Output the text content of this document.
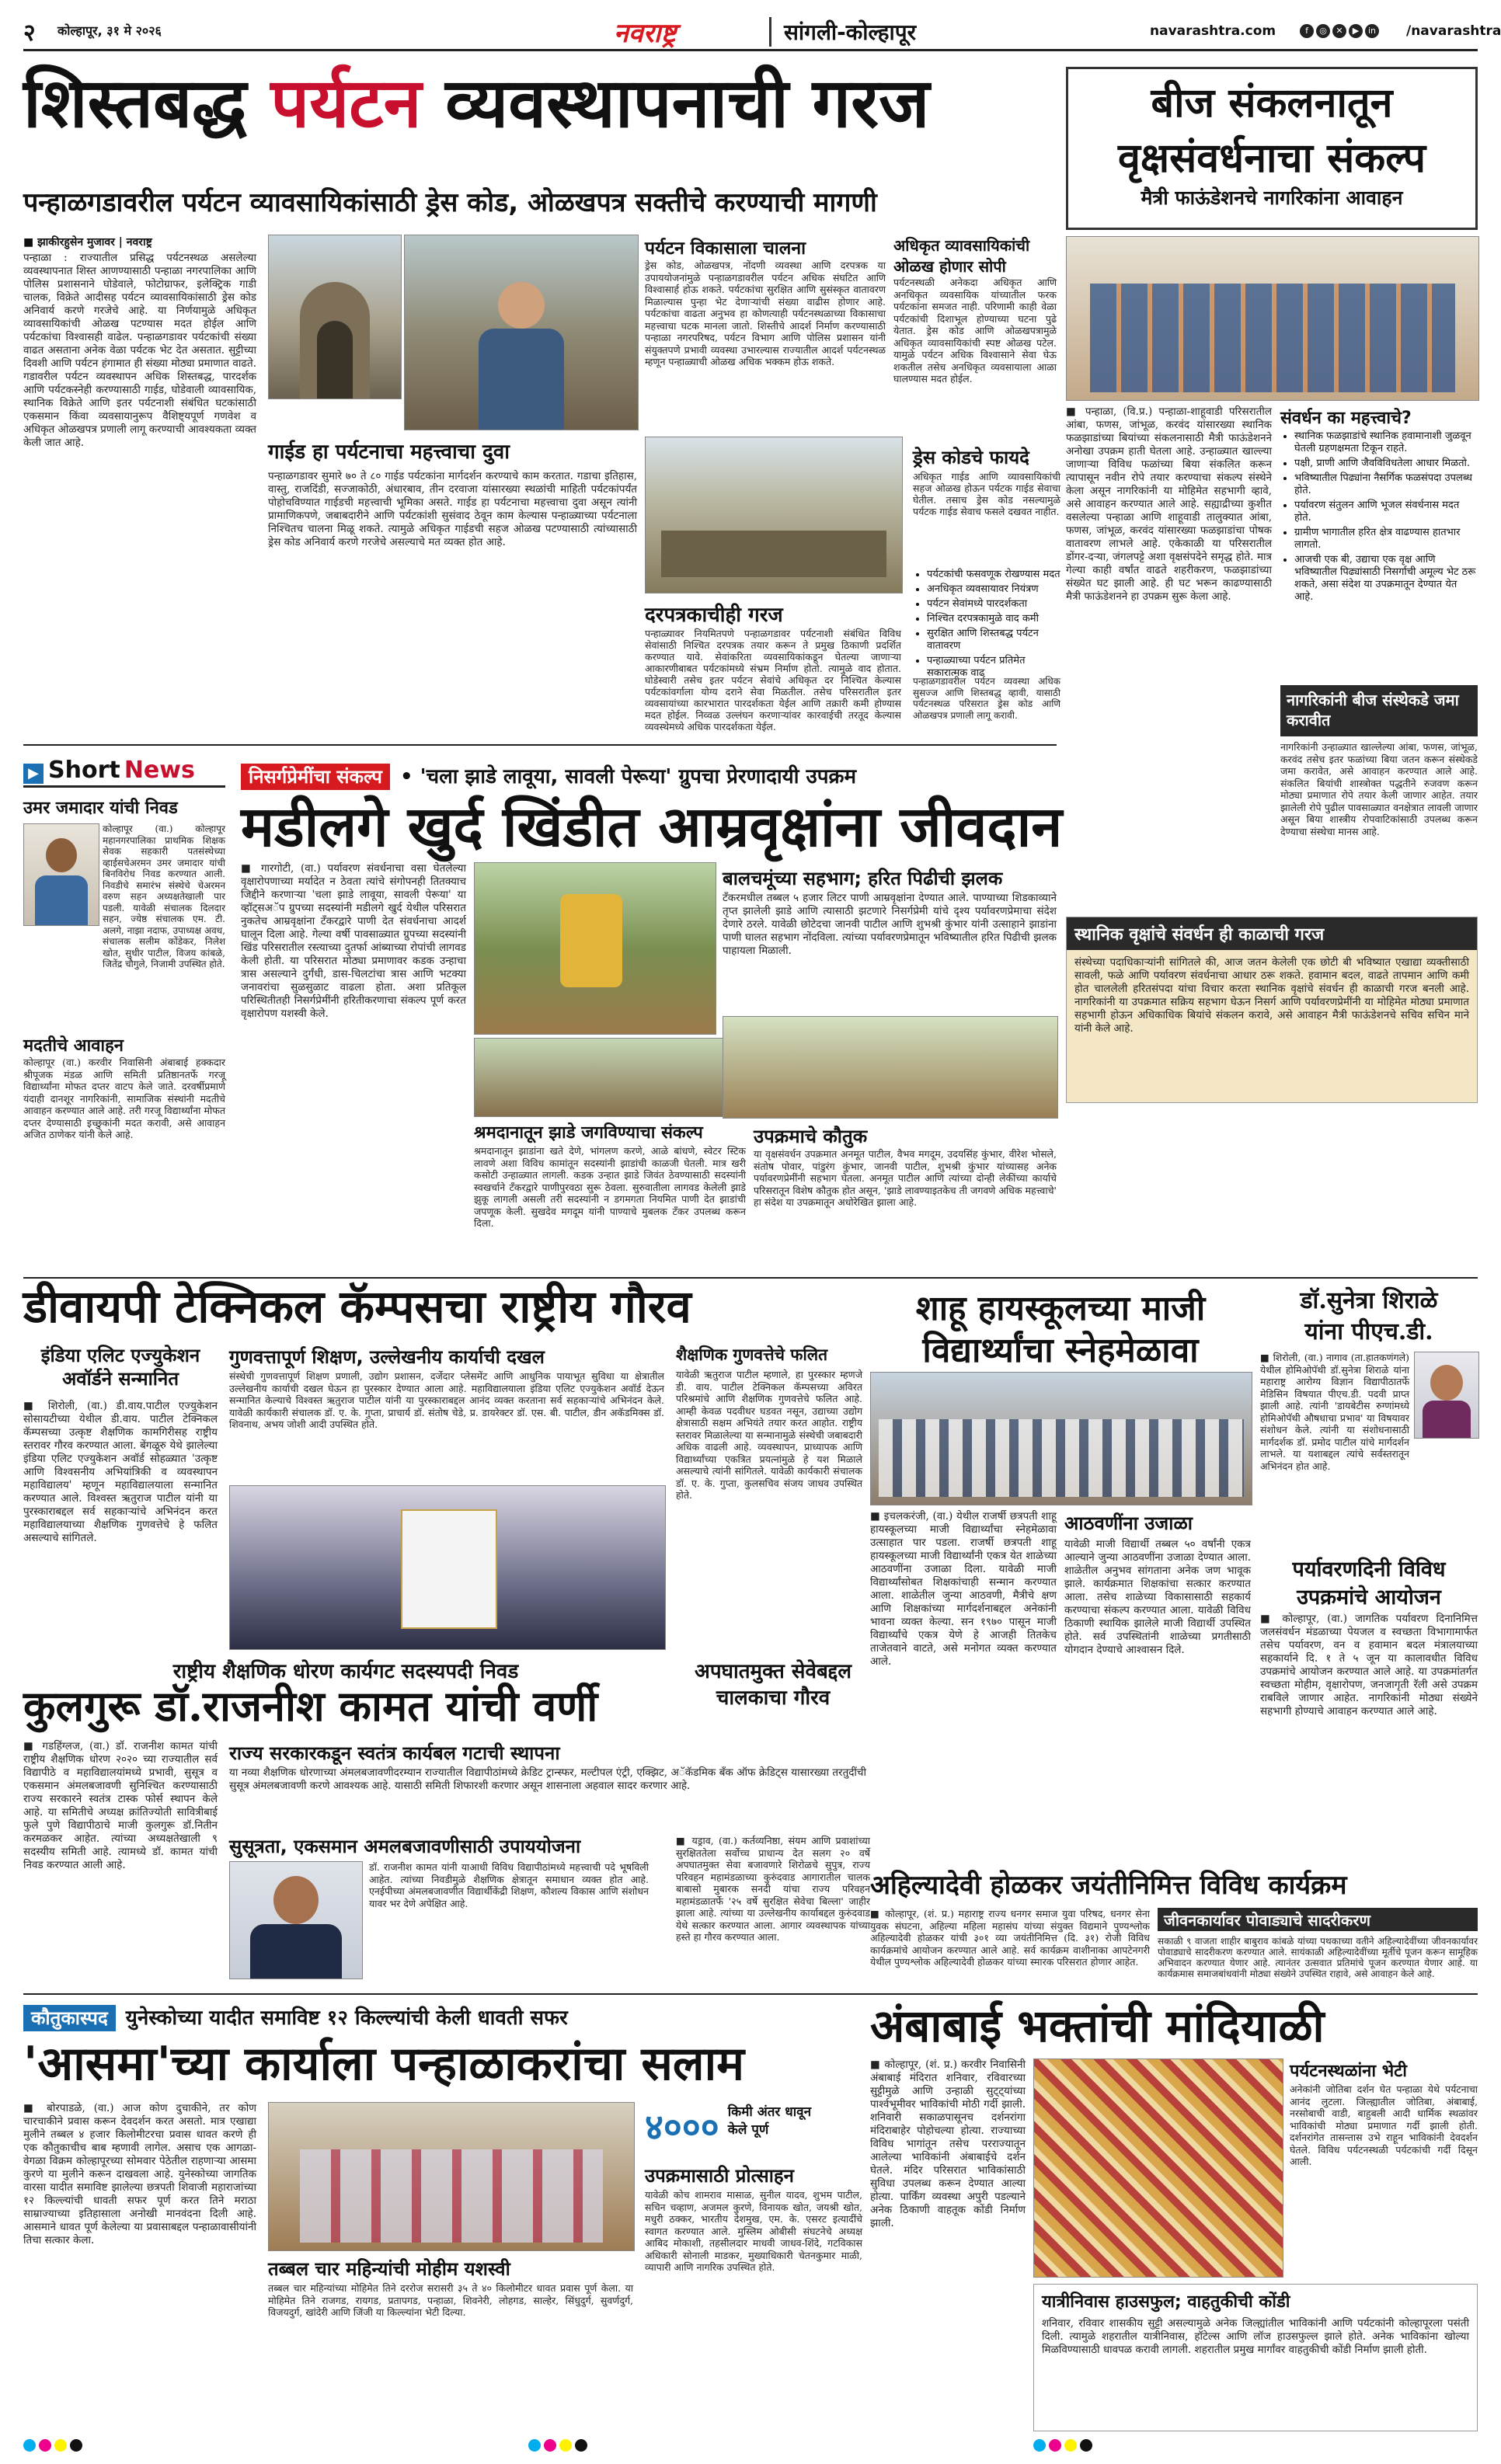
२ कोल्हापूर, ३१ मे २०२६	नवराष्ट्र	सांगली-कोल्हापूर	navarashtra.com	f ◎ ✕ ▶ in /navarashtra
शिस्तबद्ध पर्यटन व्यवस्थापनाची गरज
पन्हाळगडावरील पर्यटन व्यावसायिकांसाठी ड्रेस कोड, ओळखपत्र सक्तीचे करण्याची मागणी
■ झाकीरहुसेन मुजावर | नवराष्ट्र
पन्हाळा : राज्यातील प्रसिद्ध पर्यटनस्थळ असलेल्या व्यवस्थापनात शिस्त आणण्यासाठी पन्हाळा नगरपालिका आणि पोलिस प्रशासनाने घोडेवाले, फोटोग्राफर, इलेक्ट्रिक गाडी चालक, विक्रेते आदीसह पर्यटन व्यावसायिकांसाठी ड्रेस कोड अनिवार्य करणे गरजेचे आहे. या निर्णयामुळे अधिकृत व्यावसायिकांची ओळख पटण्यास मदत होईल आणि पर्यटकांचा विश्वासही वाढेल. पन्हाळगडावर पर्यटकांची संख्या वाढत असताना अनेक वेळा पर्यटक भेट देत असतात. सुट्टीच्या दिवशी आणि पर्यटन हंगामात ही संख्या मोठ्या प्रमाणात वाढते. गडावरील पर्यटन व्यवस्थापन अधिक शिस्तबद्ध, पारदर्शक आणि पर्यटकस्नेही करण्यासाठी गाईड, घोडेवाली व्यावसायिक, स्थानिक विक्रेते आणि इतर पर्यटनाशी संबंधित घटकांसाठी एकसमान किंवा व्यवसायानुरूप वैशिष्ट्यपूर्ण गणवेश व अधिकृत ओळखपत्र प्रणाली लागू करण्याची आवश्यकता व्यक्त केली जात आहे.	गाईड हा पर्यटनाचा महत्त्वाचा दुवा
पन्हाळगडावर सुमारे ७० ते ८० गाईड पर्यटकांना मार्गदर्शन करण्याचे काम करतात. गडाचा इतिहास, वास्तु, राजदिंडी, सज्जाकोठी, अंधारबाव, तीन दरवाजा यांसारख्या स्थळांची माहिती पर्यटकांपर्यंत पोहोचविण्यात गाईडची महत्त्वाची भूमिका असते. गाईड हा पर्यटनाचा महत्त्वाचा दुवा असून त्यांनी प्रामाणिकपणे, जबाबदारीने आणि पर्यटकांशी सुसंवाद ठेवून काम केल्यास पन्हाळ्याच्या पर्यटनाला निश्चितच चालना मिळू शकते. त्यामुळे अधिकृत गाईडची सहज ओळख पटण्यासाठी त्यांच्यासाठी ड्रेस कोड अनिवार्य करणे गरजेचे असल्याचे मत व्यक्त होत आहे.
पर्यटन विकासाला चालना
ड्रेस कोड, ओळखपत्र, नोंदणी व्यवस्था आणि दरपत्रक या उपाययोजनांमुळे पन्हाळगडावरील पर्यटन अधिक संघटित आणि विश्वासार्ह होऊ शकते. पर्यटकांचा सुरक्षित आणि सुसंस्कृत वातावरण मिळाल्यास पुन्हा भेट देणाऱ्यांची संख्या वाढीस होणार आहे. पर्यटकांचा वाढता अनुभव हा कोणत्याही पर्यटनस्थळाच्या विकासाचा महत्त्वाचा घटक मानला जातो. शिस्तीचे आदर्श निर्माण करण्यासाठी पन्हाळा नगरपरिषद, पर्यटन विभाग आणि पोलिस प्रशासन यांनी संयुक्तपणे प्रभावी व्यवस्था उभारल्यास राज्यातील आदर्श पर्यटनस्थळ म्हणून पन्हाळ्याची ओळख अधिक भक्कम होऊ शकते.
अधिकृत व्यावसायिकांची ओळख होणार सोपी
पर्यटनस्थळी अनेकदा अधिकृत आणि अनधिकृत व्यवसायिक यांच्यातील फरक पर्यटकांना समजत नाही. परिणामी काही वेळा पर्यटकांची दिशाभूल होण्याच्या घटना पुढे येतात. ड्रेस कोड आणि ओळखपत्रामुळे अधिकृत व्यावसायिकांची स्पष्ट ओळख पटेल. यामुळे पर्यटन अधिक विश्वासाने सेवा घेऊ शकतील तसेच अनधिकृत व्यवसायाला आळा घालण्यास मदत होईल.
ड्रेस कोडचे फायदे
अधिकृत गाईड आणि व्यावसायिकांची सहज ओळख होऊन पर्यटक गाईड सेवाचा घेतील. तसाच ड्रेस कोड नसल्यामुळे पर्यटक गाईड सेवाच फसले दखवत नाहीत.
• पर्यटकांची फसवणूक रोखण्यास मदत
• अनधिकृत व्यवसायावर नियंत्रण
• पर्यटन सेवांमध्ये पारदर्शकता
• निश्चित दरपत्रकामुळे वाद कमी
• सुरक्षित आणि शिस्तबद्ध पर्यटन वातावरण
• पन्हाळ्याच्या पर्यटन प्रतिमेत सकारात्मक वाढ
पन्हाळगडावरील पर्यटन व्यवस्था अधिक सुसज्ज आणि शिस्तबद्ध व्हावी, यासाठी पर्यटनस्थळ परिसरात ड्रेस कोड आणि ओळखपत्र प्रणाली लागू करावी.
दरपत्रकाचीही गरज
पन्हाळ्यावर नियमितपणे पन्हाळगडावर पर्यटनाशी संबंधित विविध सेवांसाठी निश्चित दरपत्रक तयार करून ते प्रमुख ठिकाणी प्रदर्शित करण्यात यावे. सेवांकरिता व्यवसायिकांकडून घेतल्या जाणाऱ्या आकारणीबाबत पर्यटकांमध्ये संभ्रम निर्माण होतो. त्यामुळे वाद होतात. घोडेस्वारी तसेच इतर पर्यटन सेवांचे अधिकृत दर निश्चित केल्यास पर्यटकांवर्गाला योग्य दराने सेवा मिळतील. तसेच परिसरातील इतर व्यवसायांच्या कारभारात पारदर्शकता येईल आणि तक्रारी कमी होण्यास मदत होईल. निव्वळ उल्लंघन करणाऱ्यांवर कारवाईची तरतूद केल्यास व्यवस्थेमध्ये अधिक पारदर्शकता येईल.
बीज संकलनातून
वृक्षसंवर्धनाचा संकल्प
मैत्री फाऊंडेशनचे नागरिकांना आवाहन
■ पन्हाळा, (वि.प्र.) पन्हाळा-शाहूवाडी परिसरातील आंबा, फणस, जांभूळ, करवंद यांसारख्या स्थानिक फळझाडांच्या बियांच्या संकलनासाठी मैत्री फाऊंडेशनने अनोखा उपक्रम हाती घेतला आहे. उन्हाळ्यात खाल्ल्या जाणाऱ्या विविध फळांच्या बिया संकलित करून त्यापासून नवीन रोपे तयार करण्याचा संकल्प संस्थेने केला असून नागरिकांनी या मोहिमेत सहभागी व्हावे, असे आवाहन करण्यात आले आहे. सह्याद्रीच्या कुशीत वसलेल्या पन्हाळा आणि शाहूवाडी तालुक्यात आंबा, फणस, जांभूळ, करवंद यांसारख्या फळझाडांचा पोषक वातावरण लाभले आहे. एकेकाळी या परिसरातील डोंगर-दऱ्या, जंगलपट्टे अशा वृक्षसंपदेने समृद्ध होते. मात्र गेल्या काही वर्षांत वाढते शहरीकरण, फळझाडांच्या संख्येत घट झाली आहे. ही घट भरून काढण्यासाठी मैत्री फाऊंडेशनने हा उपक्रम सुरू केला आहे.
संवर्धन का महत्त्वाचे?
• स्थानिक फळझाडांचे स्थानिक हवामानाशी जुळवून घेतली ग्रहणक्षमता टिकून राहते.
• पक्षी, प्राणी आणि जैवविविधतेला आधार मिळतो.
• भविष्यातील पिढ्यांना नैसर्गिक फळसंपदा उपलब्ध होते.
• पर्यावरण संतुलन आणि भूजल संवर्धनास मदत होते.
• ग्रामीण भागातील हरित क्षेत्र वाढण्यास हातभार लागतो.
• आजची एक बी, उद्याचा एक वृक्ष आणि भविष्यातील पिढ्यांसाठी निसर्गाची अमूल्य भेट ठरू शकते, असा संदेश या उपक्रमातून देण्यात येत आहे.
नागरिकांनी बीज संस्थेकडे जमा करावीत
नागरिकांनी उन्हाळ्यात खाल्लेल्या आंबा, फणस, जांभूळ, करवंद तसेच इतर फळांच्या बिया जतन करून संस्थेकडे जमा करावेत, असे आवाहन करण्यात आले आहे. संकलित बियांची शास्त्रोक्त पद्धतीने रुजवण करून मोठ्या प्रमाणात रोपे तयार केली जाणार आहेत. तयार झालेली रोपे पुढील पावसाळ्यात वनक्षेत्रात लावली जाणार असून बिया शास्त्रीय रोपवाटिकांसाठी उपलब्ध करून देण्याचा संस्थेचा मानस आहे.
स्थानिक वृक्षांचे संवर्धन ही काळाची गरज
संस्थेच्या पदाधिकाऱ्यांनी सांगितले की, आज जतन केलेली एक छोटी बी भविष्यात एखाद्या व्यक्तीसाठी सावली, फळे आणि पर्यावरण संवर्धनाचा आधार ठरू शकते. हवामान बदल, वाढते तापमान आणि कमी होत चाललेली हरितसंपदा यांचा विचार करता स्थानिक वृक्षांचे संवर्धन ही काळाची गरज बनली आहे. नागरिकांनी या उपक्रमात सक्रिय सहभाग घेऊन निसर्ग आणि पर्यावरणप्रेमींनी या मोहिमेत मोठ्या प्रमाणात सहभागी होऊन अधिकाधिक बियांचे संकलन करावे, असे आवाहन मैत्री फाऊंडेशनचे सचिव सचिन माने यांनी केले आहे.
▶ Short News
उमर जमादार यांची निवड
कोल्हापूर (वा.) कोल्हापूर महानगरपालिका प्राथमिक शिक्षक सेवक सहकारी पतसंस्थेच्या व्हाईसचेअरमन उमर जमादार यांची बिनविरोध निवड करण्यात आली. निवडीचे समारंभ संस्थेचे चेअरमन वरुण सहन अध्यक्षतेखाली पार पडली. यावेळी संचालक दिलदार सहन, ज्येष्ठ संचालक एम. टी. अलगे, नाझा नदाफ, उपाध्यक्ष अवध, संचालक सलीम कोंडेकर, निलेश खोत, सुधीर पाटील, विजय कांबळे, जितेंद्र चौगुले, निजामी उपस्थित होते.
मदतीचे आवाहन
कोल्हापूर (वा.) करवीर निवासिनी अंबाबाई हक्कदार श्रीपूजक मंडळ आणि समिती प्रतिष्ठानतर्फे गरजू विद्यार्थ्यांना मोफत दप्तर वाटप केले जाते. दरवर्षीप्रमाणे यंदाही दानशूर नागरिकांनी, सामाजिक संस्थांनी मदतीचे आवाहन करण्यात आले आहे. तरी गरजू विद्यार्थ्यांना मोफत दप्तर देण्यासाठी इच्छुकांनी मदत करावी, असे आवाहन अजित ठाणेकर यांनी केले आहे.
निसर्गप्रेमींचा संकल्प • 'चला झाडे लावूया, सावली पेरूया' ग्रुपचा प्रेरणादायी उपक्रम
मडीलगे खुर्द खिंडीत आम्रवृक्षांना जीवदान
■ गारगोटी, (वा.) पर्यावरण संवर्धनाचा वसा घेतलेल्या वृक्षारोपणाच्या मर्यादेत न ठेवता त्यांचे संगोपनही तितक्याच जिद्दीने करणाऱ्या 'चला झाडे लावूया, सावली पेरूया' या व्हॉट्सअॅप ग्रुपच्या सदस्यांनी मडीलगे खुर्द येथील परिसरात नुकतेच आम्रवृक्षांना टँकरद्वारे पाणी देत संवर्धनाचा आदर्श घालून दिला आहे. गेल्या वर्षी पावसाळ्यात ग्रुपच्या सदस्यांनी खिंड परिसरातील रस्त्याच्या दुतर्फा आंब्याच्या रोपांची लागवड केली होती. या परिसरात मोठ्या प्रमाणावर कडक उन्हाचा त्रास असल्याने दुर्गंधी, डास-चिलटांचा त्रास आणि भटक्या जनावरांचा सुळसुळाट वाढला होता. अशा प्रतिकूल परिस्थितीतही निसर्गप्रेमींनी हरितीकरणाचा संकल्प पूर्ण करत वृक्षारोपण यशस्वी केले.
बालचमूंच्या सहभाग; हरित पिढीची झलक
टँकरमधील तब्बल ५ हजार लिटर पाणी आम्रवृक्षांना देण्यात आले. पाण्याच्या शिडकाव्याने तृप्त झालेली झाडे आणि त्यासाठी झटणारे निसर्गप्रेमी यांचे दृश्य पर्यावरणप्रेमाचा संदेश देणारे ठरले. यावेळी छोटेदचा जानवी पाटील आणि शुभश्री कुंभार यांनी उत्साहाने झाडांना पाणी घालत सहभाग नोंदविला. त्यांच्या पर्यावरणप्रेमातून भविष्यातील हरित पिढीची झलक पाहायला मिळाली.
श्रमदानातून झाडे जगविण्याचा संकल्प
श्रमदानातून झाडांना खते देणे, भांगलण करणे, आळे बांधणे, स्वेटर स्टिक लावणे अशा विविध कामांतून सदस्यांनी झाडांची काळजी घेतली. मात्र खरी कसोटी उन्हाळ्यात लागली. कडक उन्हात झाडे जिवंत ठेवण्यासाठी सदस्यांनी स्वखर्चाने टँकरद्वारे पाणीपुरवठा सुरू ठेवला. सुरुवातीला लागवड केलेली झाडे झुकू लागली असली तरी सदस्यांनी न डगमगता नियमित पाणी देत झाडांची जपणूक केली. सुखदेव मगदूम यांनी पाण्याचे मुबलक टँकर उपलब्ध करून दिला.
उपक्रमाचे कौतुक
या वृक्षसंवर्धन उपक्रमात अनमूत पाटील, वैभव मगदूम, उदयसिंह कुंभार, वीरेश भोसले, संतोष पोवार, पांडुरंग कुंभार, जानवी पाटील, शुभश्री कुंभार यांच्यासह अनेक पर्यावरणप्रेमींनी सहभाग घेतला. अनमूत पाटील आणि त्यांच्या दोन्ही लेकींच्या कार्याचे परिसरातून विशेष कौतुक होत असून, 'झाडे लावण्याइतकेच ती जगवणे अधिक महत्त्वाचे' हा संदेश या उपक्रमातून अधोरेखित झाला आहे.
डीवायपी टेक्निकल कॅम्पसचा राष्ट्रीय गौरव
इंडिया एलिट एज्युकेशन अवॉर्डने सन्मानित
■ शिरोली, (वा.) डी.वाय.पाटील एज्युकेशन सोसायटीच्या येथील डी.वाय. पाटील टेक्निकल कॅम्पसच्या उत्कृष्ट शैक्षणिक कामगिरीसह राष्ट्रीय स्तरावर गौरव करण्यात आला. बेंगळूरु येथे झालेल्या इंडिया एलिट एज्युकेशन अवॉर्ड सोहळ्यात 'उत्कृष्ट आणि विश्वसनीय अभियांत्रिकी व व्यवस्थापन महाविद्यालय' म्हणून महाविद्यालयाला सन्मानित करण्यात आले. विश्वस्त ऋतुराज पाटील यांनी या पुरस्काराबद्दल सर्व सहकाऱ्यांचे अभिनंदन करत महाविद्यालयाच्या शैक्षणिक गुणवत्तेचे हे फलित असल्याचे सांगितले.
गुणवत्तापूर्ण शिक्षण, उल्लेखनीय कार्याची दखल
संस्थेची गुणवत्तापूर्ण शिक्षण प्रणाली, उद्योग प्रशासन, दर्जेदार प्लेसमेंट आणि आधुनिक पायाभूत सुविधा या क्षेत्रातील उल्लेखनीय कार्याची दखल घेऊन हा पुरस्कार देण्यात आला आहे. महाविद्यालयाला इंडिया एलिट एज्युकेशन अवॉर्ड देऊन सन्मानित केल्याचे विश्वस्त ऋतुराज पाटील यांनी या पुरस्काराबद्दल आनंद व्यक्त करताना सर्व सहकाऱ्यांचे अभिनंदन केले. यावेळी कार्यकारी संचालक डॉ. ए. के. गुप्ता, प्राचार्य डॉ. संतोष चेडे, प्र. डायरेक्टर डॉ. एस. बी. पाटील, डीन अकॅडमिक्स डॉ. शिवनाथ, अभय जोशी आदी उपस्थित होते.
शैक्षणिक गुणवत्तेचे फलित
यावेळी ऋतुराज पाटील म्हणाले, हा पुरस्कार म्हणजे डी. वाय. पाटील टेक्निकल कॅम्पसच्या अविरत परिश्रमांचे आणि शैक्षणिक गुणवत्तेचे फलित आहे. आम्ही केवळ पदवीधर घडवत नसून, उद्याच्या उद्योग क्षेत्रासाठी सक्षम अभियंते तयार करत आहोत. राष्ट्रीय स्तरावर मिळालेल्या या सन्मानामुळे संस्थेची जबाबदारी अधिक वाढली आहे. व्यवस्थापन, प्राध्यापक आणि विद्यार्थ्यांच्या एकत्रित प्रयत्नांमुळे हे यश मिळाले असल्याचे त्यांनी सांगितले. यावेळी कार्यकारी संचालक डॉ. ए. के. गुप्ता, कुलसचिव संजय जाधव उपस्थित होते.
शाहू हायस्कूलच्या माजी
विद्यार्थ्यांचा स्नेहमेळावा
■ इचलकरंजी, (वा.) येथील राजर्षी छत्रपती शाहू हायस्कूलच्या माजी विद्यार्थ्यांचा स्नेहमेळावा उत्साहात पार पडला. राजर्षी छत्रपती शाहू हायस्कूलच्या माजी विद्यार्थ्यांनी एकत्र येत शाळेच्या आठवणींना उजाळा दिला. यावेळी माजी विद्यार्थ्यांसोबत शिक्षकांचाही सन्मान करण्यात आला. शाळेतील जुन्या आठवणी, मैत्रीचे क्षण आणि शिक्षकांच्या मार्गदर्शनाबद्दल अनेकांनी भावना व्यक्त केल्या. सन १९७० पासून माजी विद्यार्थ्यांचे एकत्र येणे हे आजही तितकेच ताजेतवाने वाटते, असे मनोगत व्यक्त करण्यात आले.
आठवणींना उजाळा
यावेळी माजी विद्यार्थी तब्बल ५० वर्षांनी एकत्र आल्याने जुन्या आठवणींना उजाळा देण्यात आला. शाळेतील अनुभव सांगताना अनेक जण भावूक झाले. कार्यक्रमात शिक्षकांचा सत्कार करण्यात आला. तसेच शाळेच्या विकासासाठी सहकार्य करण्याचा संकल्प करण्यात आला. यावेळी विविध ठिकाणी स्थायिक झालेले माजी विद्यार्थी उपस्थित होते. सर्व उपस्थितांनी शाळेच्या प्रगतीसाठी योगदान देण्याचे आश्वासन दिले.
डॉ.सुनेत्रा शिराळे
यांना पीएच.डी.
■ शिरोली, (वा.) नागाव (ता.हातकणंगले) येथील होमिओपॅथी डॉ.सुनेत्रा शिराळे यांना महाराष्ट्र आरोग्य विज्ञान विद्यापीठातर्फे मेडिसिन विषयात पीएच.डी. पदवी प्राप्त झाली आहे. त्यांनी 'डायबेटीस रुग्णांमध्ये होमिओपॅथी औषधाचा प्रभाव' या विषयावर संशोधन केले. त्यांनी या संशोधनासाठी मार्गदर्शक डॉ. प्रमोद पाटील यांचे मार्गदर्शन लाभले. या यशाबद्दल त्यांचे सर्वस्तरातून अभिनंदन होत आहे.
पर्यावरणदिनी विविध
उपक्रमांचे आयोजन
■ कोल्हापूर, (वा.) जागतिक पर्यावरण दिनानिमित्त जलसंवर्धन मंडळाच्या पेयजल व स्वच्छता विभागामार्फत तसेच पर्यावरण, वन व हवामान बदल मंत्रालयाच्या सहकार्याने दि. १ ते ५ जून या कालावधीत विविध उपक्रमांचे आयोजन करण्यात आले आहे. या उपक्रमांतर्गत स्वच्छता मोहीम, वृक्षारोपण, जनजागृती रॅली असे उपक्रम राबविले जाणार आहेत. नागरिकांनी मोठ्या संख्येने सहभागी होण्याचे आवाहन करण्यात आले आहे.
राष्ट्रीय शैक्षणिक धोरण कार्यगट सदस्यपदी निवड
कुलगुरू डॉ.राजनीश कामत यांची वर्णी
■ गडहिंग्लज, (वा.) डॉ. राजनीश कामत यांची राष्ट्रीय शैक्षणिक धोरण २०२० च्या राज्यातील सर्व विद्यापीठे व महाविद्यालयांमध्ये प्रभावी, सुसूत्र व एकसमान अंमलबजावणी सुनिश्चित करण्यासाठी राज्य सरकारने स्वतंत्र टास्क फोर्स स्थापन केले आहे. या समितीचे अध्यक्ष क्रांतिज्योती सावित्रीबाई फुले पुणे विद्यापीठाचे माजी कुलगुरू डॉ.नितीन करमळकर आहेत. त्यांच्या अध्यक्षतेखाली ९ सदस्यीय समिती आहे. त्यामध्ये डॉ. कामत यांची निवड करण्यात आली आहे.
राज्य सरकारकडून स्वतंत्र कार्यबल गटाची स्थापना
या नव्या शैक्षणिक धोरणाच्या अंमलबजावणीदरम्यान राज्यातील विद्यापीठांमध्ये क्रेडिट ट्रान्स्फर, मल्टीपल एंट्री, एक्झिट, अॅकॅडमिक बँक ऑफ क्रेडिट्स यासारख्या तरतुदींची सुसूत्र अंमलबजावणी करणे आवश्यक आहे. यासाठी समिती शिफारशी करणार असून शासनाला अहवाल सादर करणार आहे.
सुसूत्रता, एकसमान अमलबजावणीसाठी उपाययोजना
डॉ. राजनीश कामत यांनी याआधी विविध विद्यापीठांमध्ये महत्त्वाची पदे भूषविली आहेत. त्यांच्या निवडीमुळे शैक्षणिक क्षेत्रातून समाधान व्यक्त होत आहे. एनईपीच्या अंमलबजावणीत विद्यार्थीकेंद्री शिक्षण, कौशल्य विकास आणि संशोधन यावर भर देणे अपेक्षित आहे.
अपघातमुक्त सेवेबद्दल
चालकाचा गौरव
■ यड्राव, (वा.) कर्तव्यनिष्ठा, संयम आणि प्रवाशांच्या सुरक्षिततेला सर्वोच्च प्राधान्य देत सलग २० वर्षे अपघातमुक्त सेवा बजावणारे शिरोळचे सुपुत्र, राज्य परिवहन महामंडळाच्या कुरुंदवाड आगारातील चालक बाबासो मुबारक सनदी यांचा राज्य परिवहन महामंडळातर्फे '२५ वर्षे सुरक्षित सेवेचा बिल्ला' जाहीर झाला आहे. त्यांच्या या उल्लेखनीय कार्याबद्दल कुरुंदवाड येथे सत्कार करण्यात आला. आगार व्यवस्थापक यांच्या हस्ते हा गौरव करण्यात आला.
अहिल्यादेवी होळकर जयंतीनिमित्त विविध कार्यक्रम
■ कोल्हापूर, (शं. प्र.) महाराष्ट्र राज्य धनगर समाज युवा परिषद, धनगर सेना युवक संघटना, अहिल्या महिला महासंघ यांच्या संयुक्त विद्यमाने पुण्यश्लोक अहिल्यादेवी होळकर यांची ३०१ व्या जयंतीनिमित्त (दि. ३१) रोजी विविध कार्यक्रमांचे आयोजन करण्यात आले आहे. सर्व कार्यक्रम वाशीनाका आपटेनगरी येथील पुण्यश्लोक अहिल्यादेवी होळकर यांच्या स्मारक परिसरात होणार आहेत.
जीवनकार्यावर पोवाड्याचे सादरीकरण
सकाळी ९ वाजता शाहीर बाबुराव कांबळे यांच्या पथकाच्या वतीने अहिल्यादेवींच्या जीवनकार्यावर पोवाड्याचे सादरीकरण करण्यात आले. सायंकाळी अहिल्यादेवींच्या मूर्तीचे पूजन करून सामूहिक अभिवादन करण्यात येणार आहे. त्यानंतर उत्सवात प्रतिमांचे पूजन करण्यात येणार आहे. या कार्यक्रमास समाजबांधवांनी मोठ्या संख्येने उपस्थित राहावे, असे आवाहन केले आहे.
कौतुकास्पद युनेस्कोच्या यादीत समाविष्ट १२ किल्ल्यांची केली धावती सफर
'आसमा'च्या कार्याला पन्हाळाकरांचा सलाम
■ बोरपाडळे, (वा.) आज कोण दुचाकीने, तर कोण चारचाकीने प्रवास करून देवदर्शन करत असतो. मात्र एखाद्या मुलीने तब्बल ४ हजार किलोमीटरचा प्रवास धावत करणे ही एक कौतुकाचीच बाब म्हणावी लागेल. असाच एक आगळा-वेगळा विक्रम कोल्हापूरच्या सोमवार पेठेतील राहणाऱ्या आसमा कुरणे या मुलीने करून दाखवला आहे. युनेस्कोच्या जागतिक वारसा यादीत समाविष्ट झालेल्या छत्रपती शिवाजी महाराजांच्या १२ किल्ल्यांची धावती सफर पूर्ण करत तिने मराठा साम्राज्याच्या इतिहासाला अनोखी मानवंदना दिली आहे. आसमाने धावत पूर्ण केलेल्या या प्रवासाबद्दल पन्हाळावासीयांनी तिचा सत्कार केला.
तब्बल चार महिन्यांची मोहीम यशस्वी
तब्बल चार महिन्यांच्या मोहिमेत तिने दररोज सरासरी ३५ ते ४० किलोमीटर धावत प्रवास पूर्ण केला. या मोहिमेत तिने राजगड, रायगड, प्रतापगड, पन्हाळा, शिवनेरी, लोहगड, साल्हेर, सिंधुदुर्ग, सुवर्णदुर्ग, विजयदुर्ग, खांदेरी आणि जिंजी या किल्ल्यांना भेटी दिल्या.
४००० किमी अंतर धावून केले पूर्ण
उपक्रमासाठी प्रोत्साहन
यावेळी कोच शामराव मासाळ, सुनील यादव, शुभम पाटील, सचिन चव्हाण, अजमल कुरणे, विनायक खोत, जयश्री खोत, मधुरी ठक्कर, भारतीय देशमुख, एम. के. एसरट इत्यादींचे स्वागत करण्यात आले. मुस्लिम ओबीसी संघटनेचे अध्यक्ष आबिद मोकाशी, तहसीलदार माधवी जाधव-शिंदे, गटविकास अधिकारी सोनाली माडकर, मुख्याधिकारी चेतनकुमार माळी, व्यापारी आणि नागरिक उपस्थित होते.
अंबाबाई भक्तांची मांदियाळी
■ कोल्हापूर, (शं. प्र.) करवीर निवासिनी अंबाबाई मंदिरात शनिवार, रविवारच्या सुट्टीमुळे आणि उन्हाळी सुट्ट्यांच्या पार्श्वभूमीवर भाविकांची मोठी गर्दी झाली. शनिवारी सकाळपासूनच दर्शनरांगा मंदिराबाहेर पोहोचल्या होत्या. राज्याच्या विविध भागांतून तसेच परराज्यातून आलेल्या भाविकांनी अंबाबाईचे दर्शन घेतले. मंदिर परिसरात भाविकांसाठी सुविधा उपलब्ध करून देण्यात आल्या होत्या. पार्किंग व्यवस्था अपुरी पडल्याने अनेक ठिकाणी वाहतूक कोंडी निर्माण झाली.
पर्यटनस्थळांना भेटी
अनेकांनी जोतिबा दर्शन घेत पन्हाळा येथे पर्यटनाचा आनंद लुटला. जिल्ह्यातील जोतिबा, अंबाबाई, नरसोबाची वाडी, बाहुबली आदी धार्मिक स्थळांवर भाविकांची मोठ्या प्रमाणात गर्दी झाली होती. दर्शनरांगेत तासन्तास उभे राहून भाविकांनी देवदर्शन घेतले. विविध पर्यटनस्थळी पर्यटकांची गर्दी दिसून आली.
यात्रीनिवास हाउसफुल; वाहतुकीची कोंडी
शनिवार, रविवार शासकीय सुट्टी असल्यामुळे अनेक जिल्ह्यांतील भाविकांनी आणि पर्यटकांनी कोल्हापूरला पसंती दिली. त्यामुळे शहरातील यात्रीनिवास, हॉटेल्स आणि लॉज हाउसफुल्ल झाले होते. अनेक भाविकांना खोल्या मिळविण्यासाठी धावपळ करावी लागली. शहरातील प्रमुख मार्गांवर वाहतुकीची कोंडी निर्माण झाली होती.
